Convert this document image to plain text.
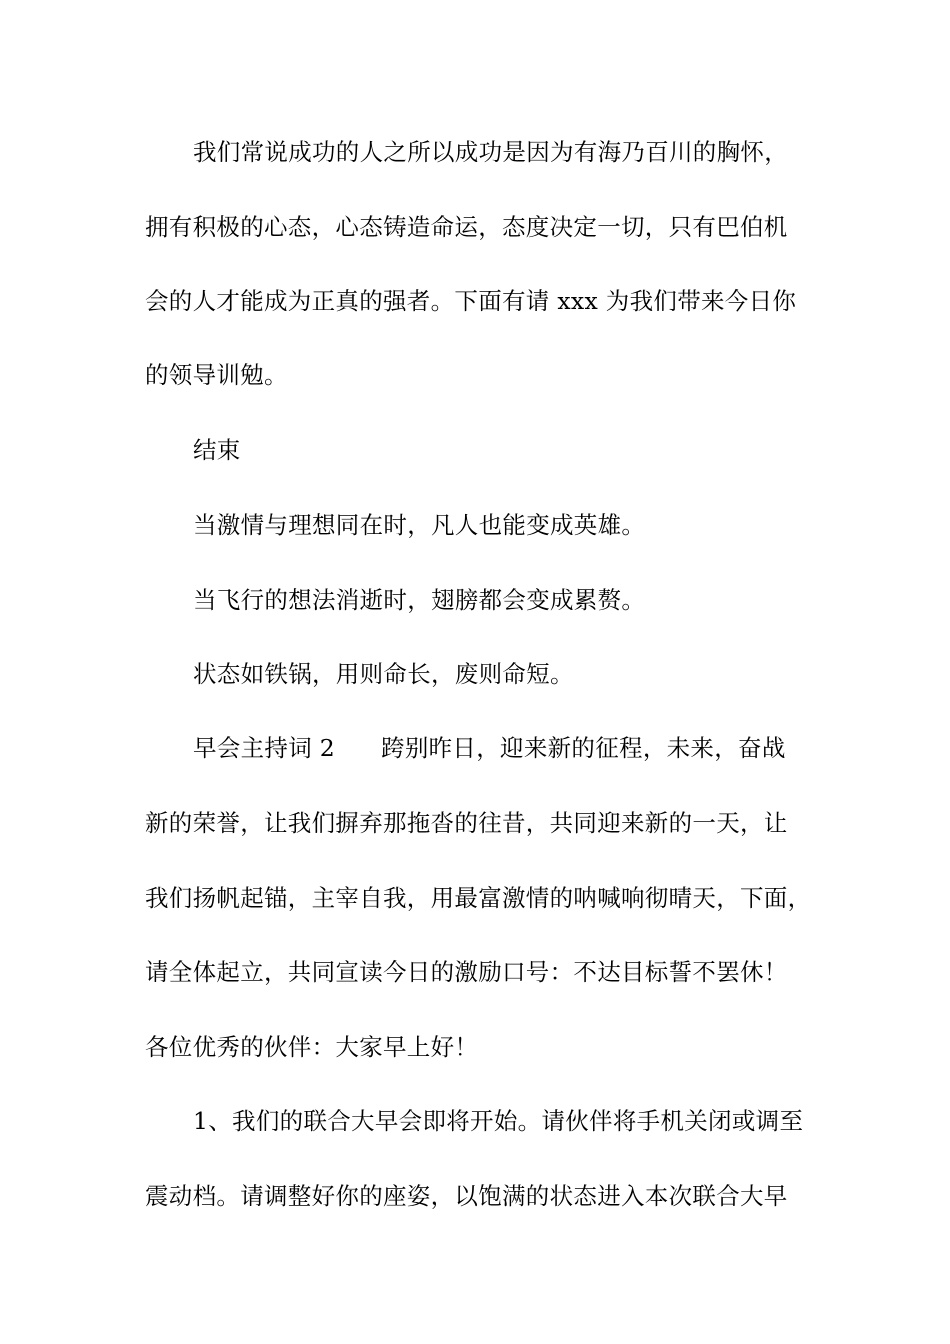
我们常说成功的人之所以成功是因为有海乃百川的胸怀，
拥有积极的心态，心态铸造命运，态度决定一切，只有巴伯机
会的人才能成为正真的强者。下面有请 xxx 为我们带来今日你
的领导训勉。
结束
当激情与理想同在时，凡人也能变成英雄。
当飞行的想法消逝时，翅膀都会变成累赘。
状态如铁锅，用则命长，废则命短。
早会主持词 2 跨别昨日，迎来新的征程，未来，奋战
新的荣誉，让我们摒弃那拖沓的往昔，共同迎来新的一天，让
我们扬帆起锚，主宰自我，用最富激情的呐喊响彻晴天，下面，
请全体起立，共同宣读今日的激励口号：不达目标誓不罢休！
各位优秀的伙伴：大家早上好！
1、我们的联合大早会即将开始。请伙伴将手机关闭或调至
震动档。请调整好你的座姿，以饱满的状态进入本次联合大早
